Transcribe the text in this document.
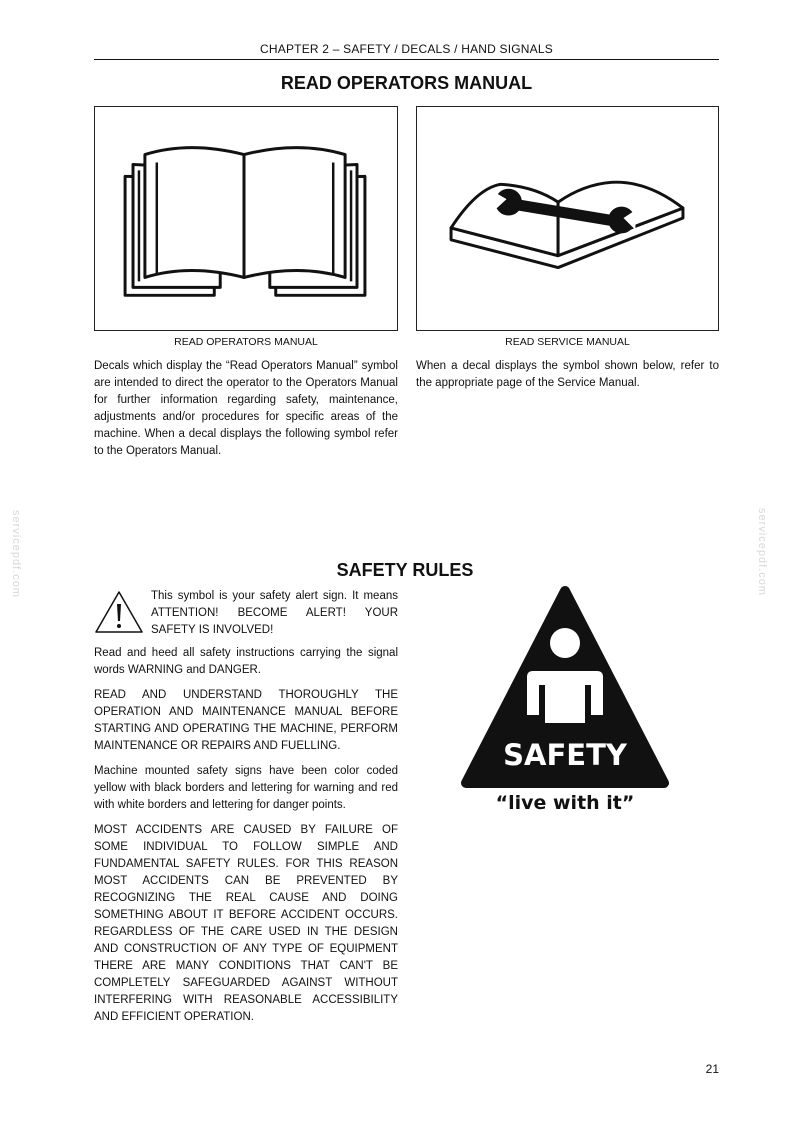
CHAPTER 2 – SAFETY / DECALS / HAND SIGNALS
READ OPERATORS MANUAL
READ OPERATORS MANUAL	READ SERVICE MANUAL

Decals which display the “Read Operators Manual” symbol are intended to direct the operator to the Operators Manual for further information regarding safety, maintenance, adjustments and/or procedures for specific areas of the machine. When a decal displays the following symbol refer to the Operators Manual.

When a decal displays the symbol shown below, refer to the appropriate page of the Service Manual.

servicepdf.com	servicepdf.com
SAFETY RULES
This symbol is your safety alert sign. It means ATTENTION! BECOME ALERT! YOUR SAFETY IS INVOLVED!

Read and heed all safety instructions carrying the signal words WARNING and DANGER.

READ AND UNDERSTAND THOROUGHLY THE OPERATION AND MAINTENANCE MANUAL BEFORE STARTING AND OPERATING THE MACHINE, PERFORM MAINTENANCE OR REPAIRS AND FUELLING.

Machine mounted safety signs have been color coded yellow with black borders and lettering for warning and red with white borders and lettering for danger points.

MOST ACCIDENTS ARE CAUSED BY FAILURE OF SOME INDIVIDUAL TO FOLLOW SIMPLE AND FUNDAMENTAL SAFETY RULES. FOR THIS REASON MOST ACCIDENTS CAN BE PREVENTED BY RECOGNIZING THE REAL CAUSE AND DOING SOMETHING ABOUT IT BEFORE ACCIDENT OCCURS. REGARDLESS OF THE CARE USED IN THE DESIGN AND CONSTRUCTION OF ANY TYPE OF EQUIPMENT THERE ARE MANY CONDITIONS THAT CAN'T BE COMPLETELY SAFEGUARDED AGAINST WITHOUT INTERFERING WITH REASONABLE ACCESSIBILITY AND EFFICIENT OPERATION.

SAFETY
“live with it”
21
